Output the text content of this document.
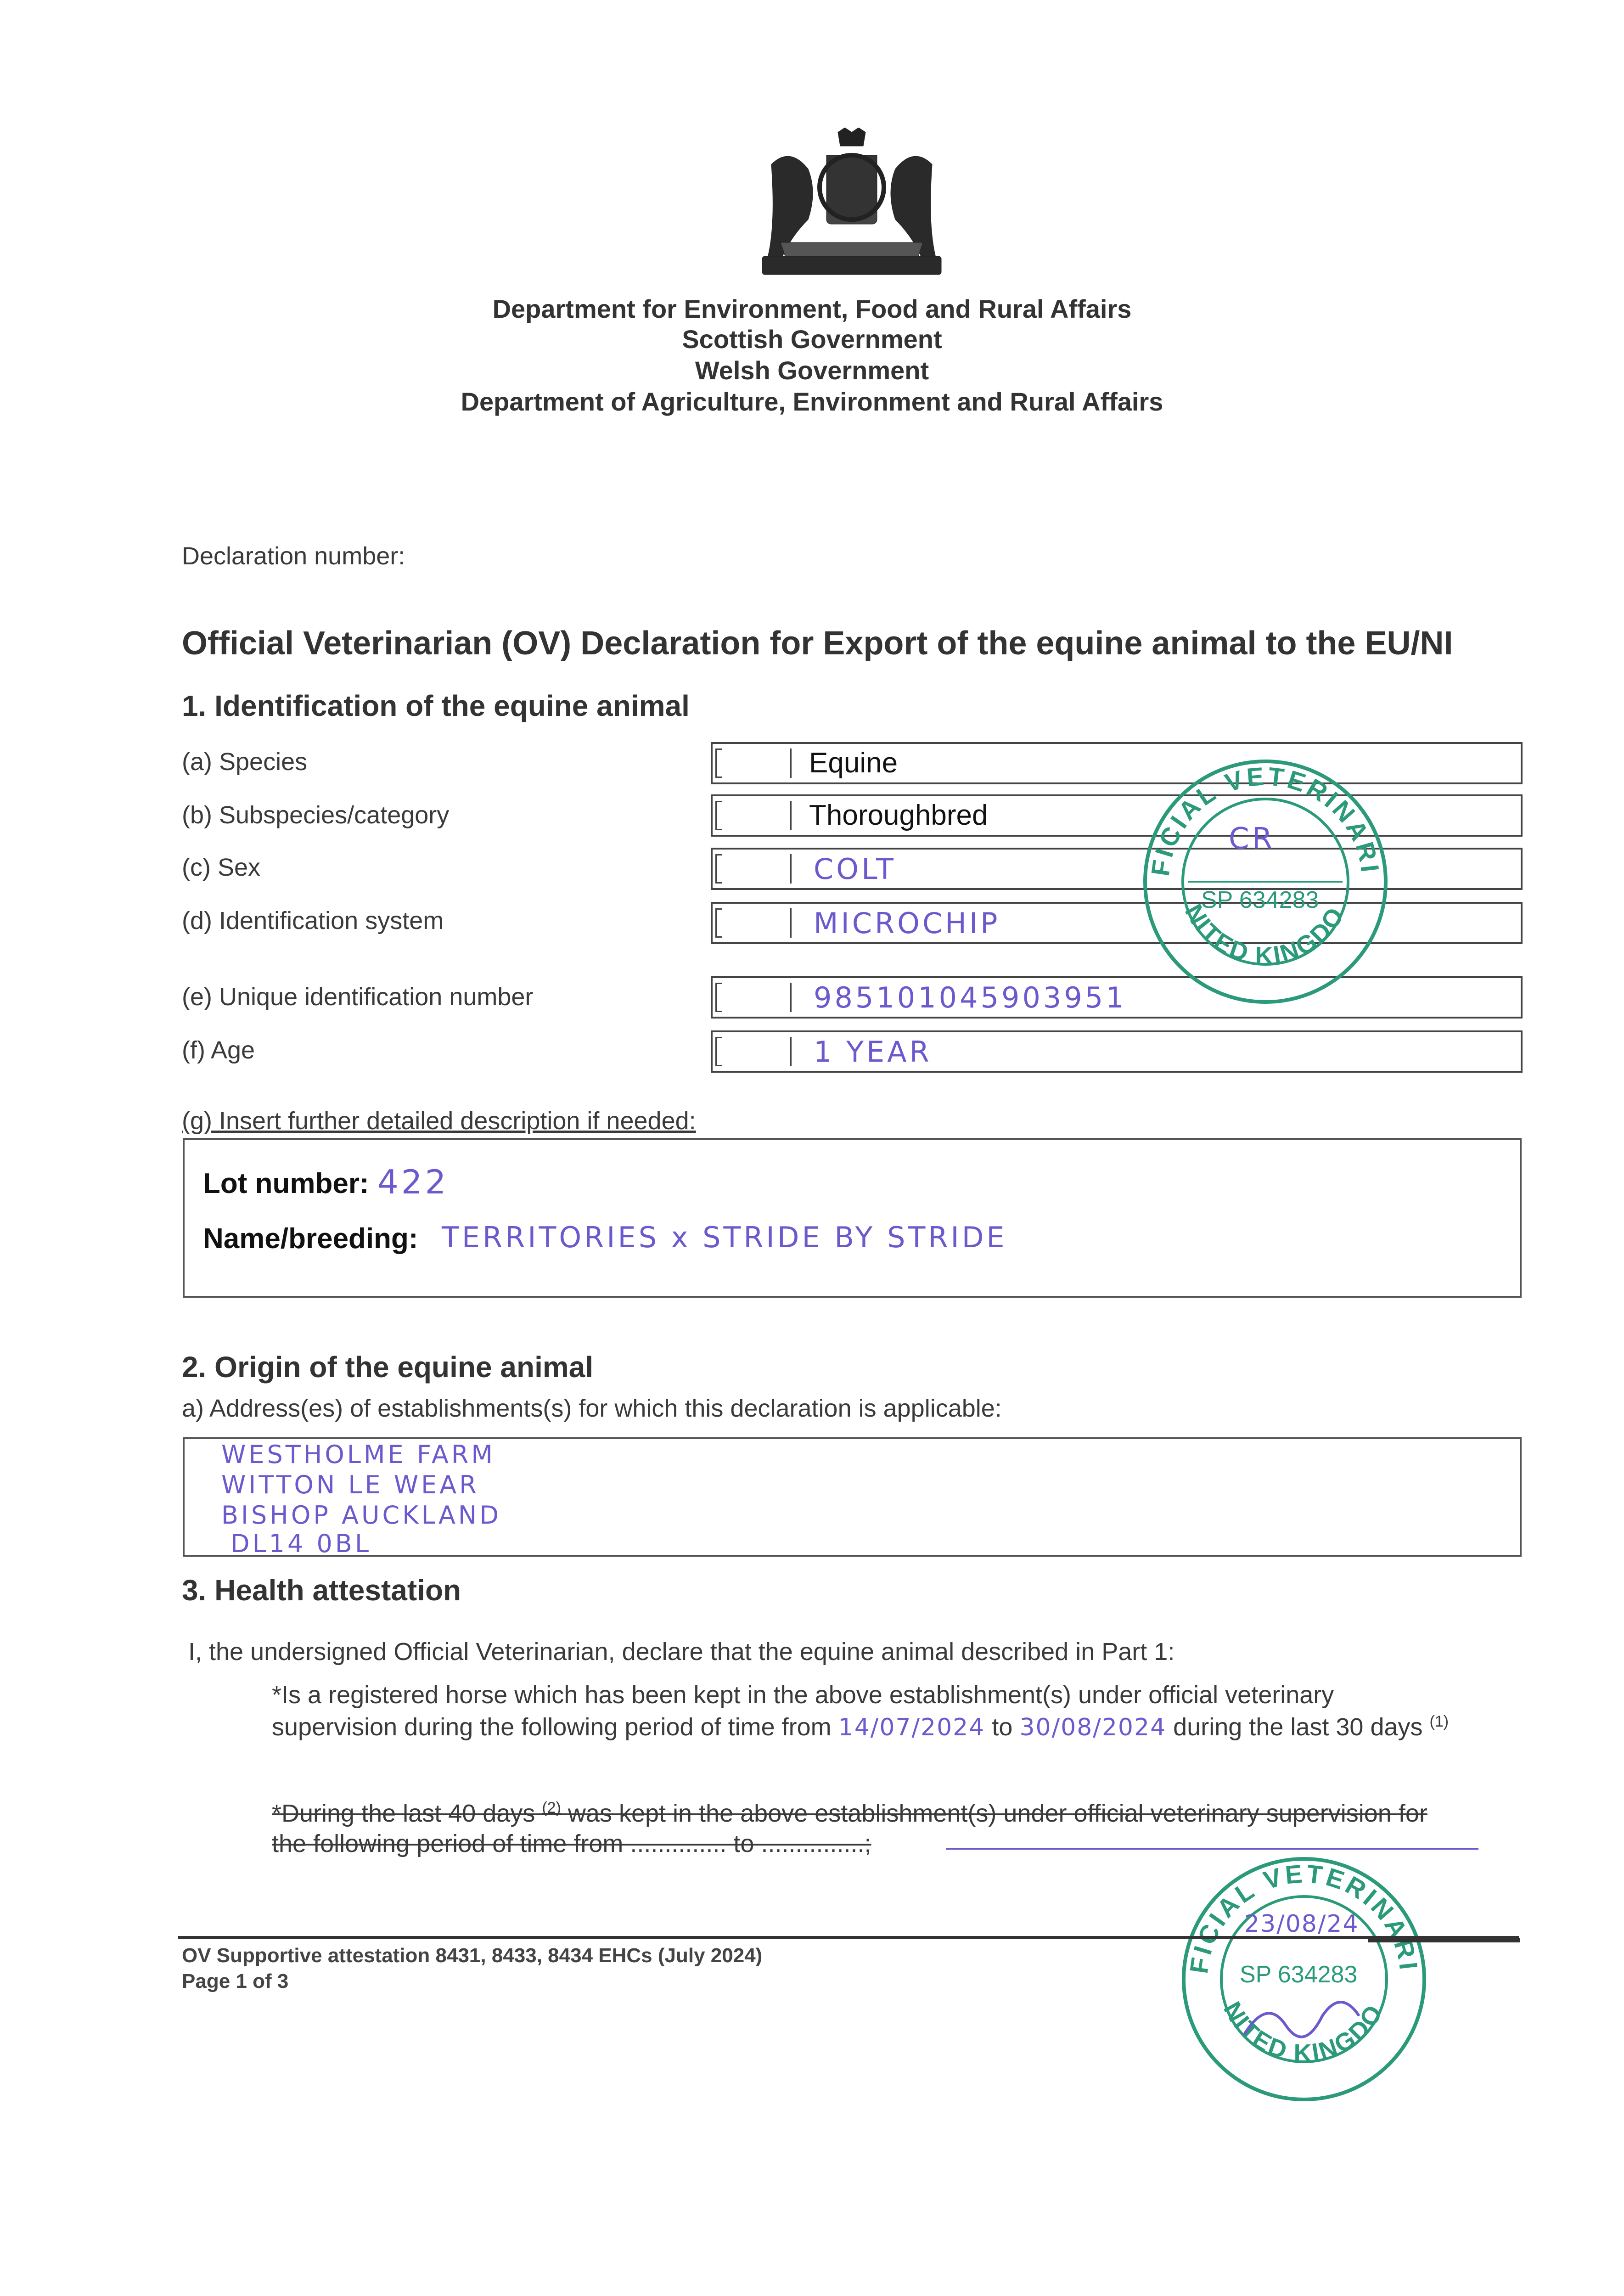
Department for Environment, Food and Rural Affairs
Scottish Government
Welsh Government
Department of Agriculture, Environment and Rural Affairs
Declaration number:
Official Veterinarian (OV) Declaration for Export of the equine animal to the EU/NI
1. Identification of the equine animal
(a) Species
(b) Subspecies/category
(c) Sex
(d) Identification system
(e) Unique identification number
(f) Age
Equine
Thoroughbred
COLT
MICROCHIP
985101045903951
1 YEAR
(g) Insert further detailed description if needed:
Lot number: 422
Name/breeding: TERRITORIES x STRIDE BY STRIDE
2. Origin of the equine animal
a) Address(es) of establishments(s) for which this declaration is applicable:
WESTHOLME FARM
WITTON LE WEAR
BISHOP AUCKLAND
DL14 0BL
3. Health attestation
I, the undersigned Official Veterinarian, declare that the equine animal described in Part 1:
*Is a registered horse which has been kept in the above establishment(s) under official veterinary
supervision during the following period of time from 14/07/2024 to 30/08/2024 during the last 30 days $^{(1)}$
*During the last 40 days $^{(2)}$ was kept in the above establishment(s) under official veterinary supervision for
the following period of time from .............. to ...............;
FICIAL VETERINARI
NITED KINGDO
SP 634283
CR
FICIAL VETERINARI
NITED KINGDO
23/08/24
SP 634283
OV Supportive attestation 8431, 8433, 8434 EHCs (July 2024)
Page 1 of 3
